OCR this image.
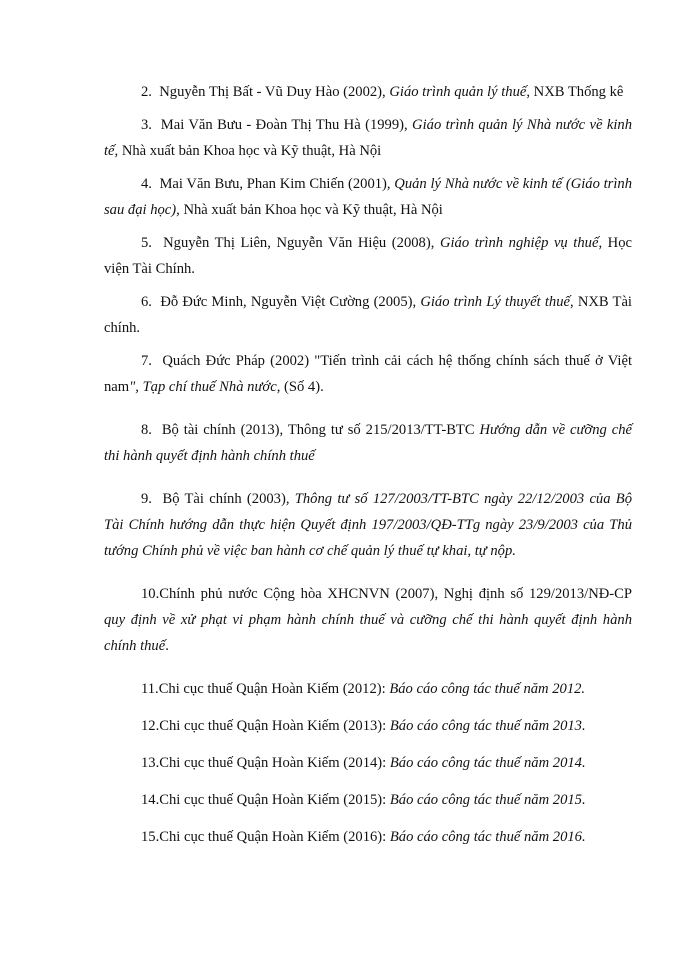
2. Nguyễn Thị Bất - Vũ Duy Hào (2002), Giáo trình quản lý thuế, NXB Thống kê

3. Mai Văn Bưu - Đoàn Thị Thu Hà (1999), Giáo trình quản lý Nhà nước về kinh tế, Nhà xuất bản Khoa học và Kỹ thuật, Hà Nội

4. Mai Văn Bưu, Phan Kim Chiến (2001), Quản lý Nhà nước về kinh tế (Giáo trình sau đại học), Nhà xuất bản Khoa học và Kỹ thuật, Hà Nội

5. Nguyễn Thị Liên, Nguyễn Văn Hiệu (2008), Giáo trình nghiệp vụ thuế, Học viện Tài Chính.

6. Đỗ Đức Minh, Nguyễn Việt Cường (2005), Giáo trình Lý thuyết thuế, NXB Tài chính.

7. Quách Đức Pháp (2002) "Tiến trình cải cách hệ thống chính sách thuế ở Việt nam", Tạp chí thuế Nhà nước, (Số 4).

8. Bộ tài chính (2013), Thông tư số 215/2013/TT-BTC Hướng dẫn về cưỡng chế thi hành quyết định hành chính thuế

9. Bộ Tài chính (2003), Thông tư số 127/2003/TT-BTC ngày 22/12/2003 của Bộ Tài Chính hướng dẫn thực hiện Quyết định 197/2003/QĐ-TTg ngày 23/9/2003 của Thủ tướng Chính phủ về việc ban hành cơ chế quản lý thuế tự khai, tự nộp.

10.Chính phủ nước Cộng hòa XHCNVN (2007), Nghị định số 129/2013/NĐ-CP quy định về xử phạt vi phạm hành chính thuế và cưỡng chế thi hành quyết định hành chính thuế.

11.Chi cục thuế Quận Hoàn Kiếm (2012): Báo cáo công tác thuế năm 2012.

12.Chi cục thuế Quận Hoàn Kiếm (2013): Báo cáo công tác thuế năm 2013.

13.Chi cục thuế Quận Hoàn Kiếm (2014): Báo cáo công tác thuế năm 2014.

14.Chi cục thuế Quận Hoàn Kiếm (2015): Báo cáo công tác thuế năm 2015.

15.Chi cục thuế Quận Hoàn Kiếm (2016): Báo cáo công tác thuế năm 2016.
